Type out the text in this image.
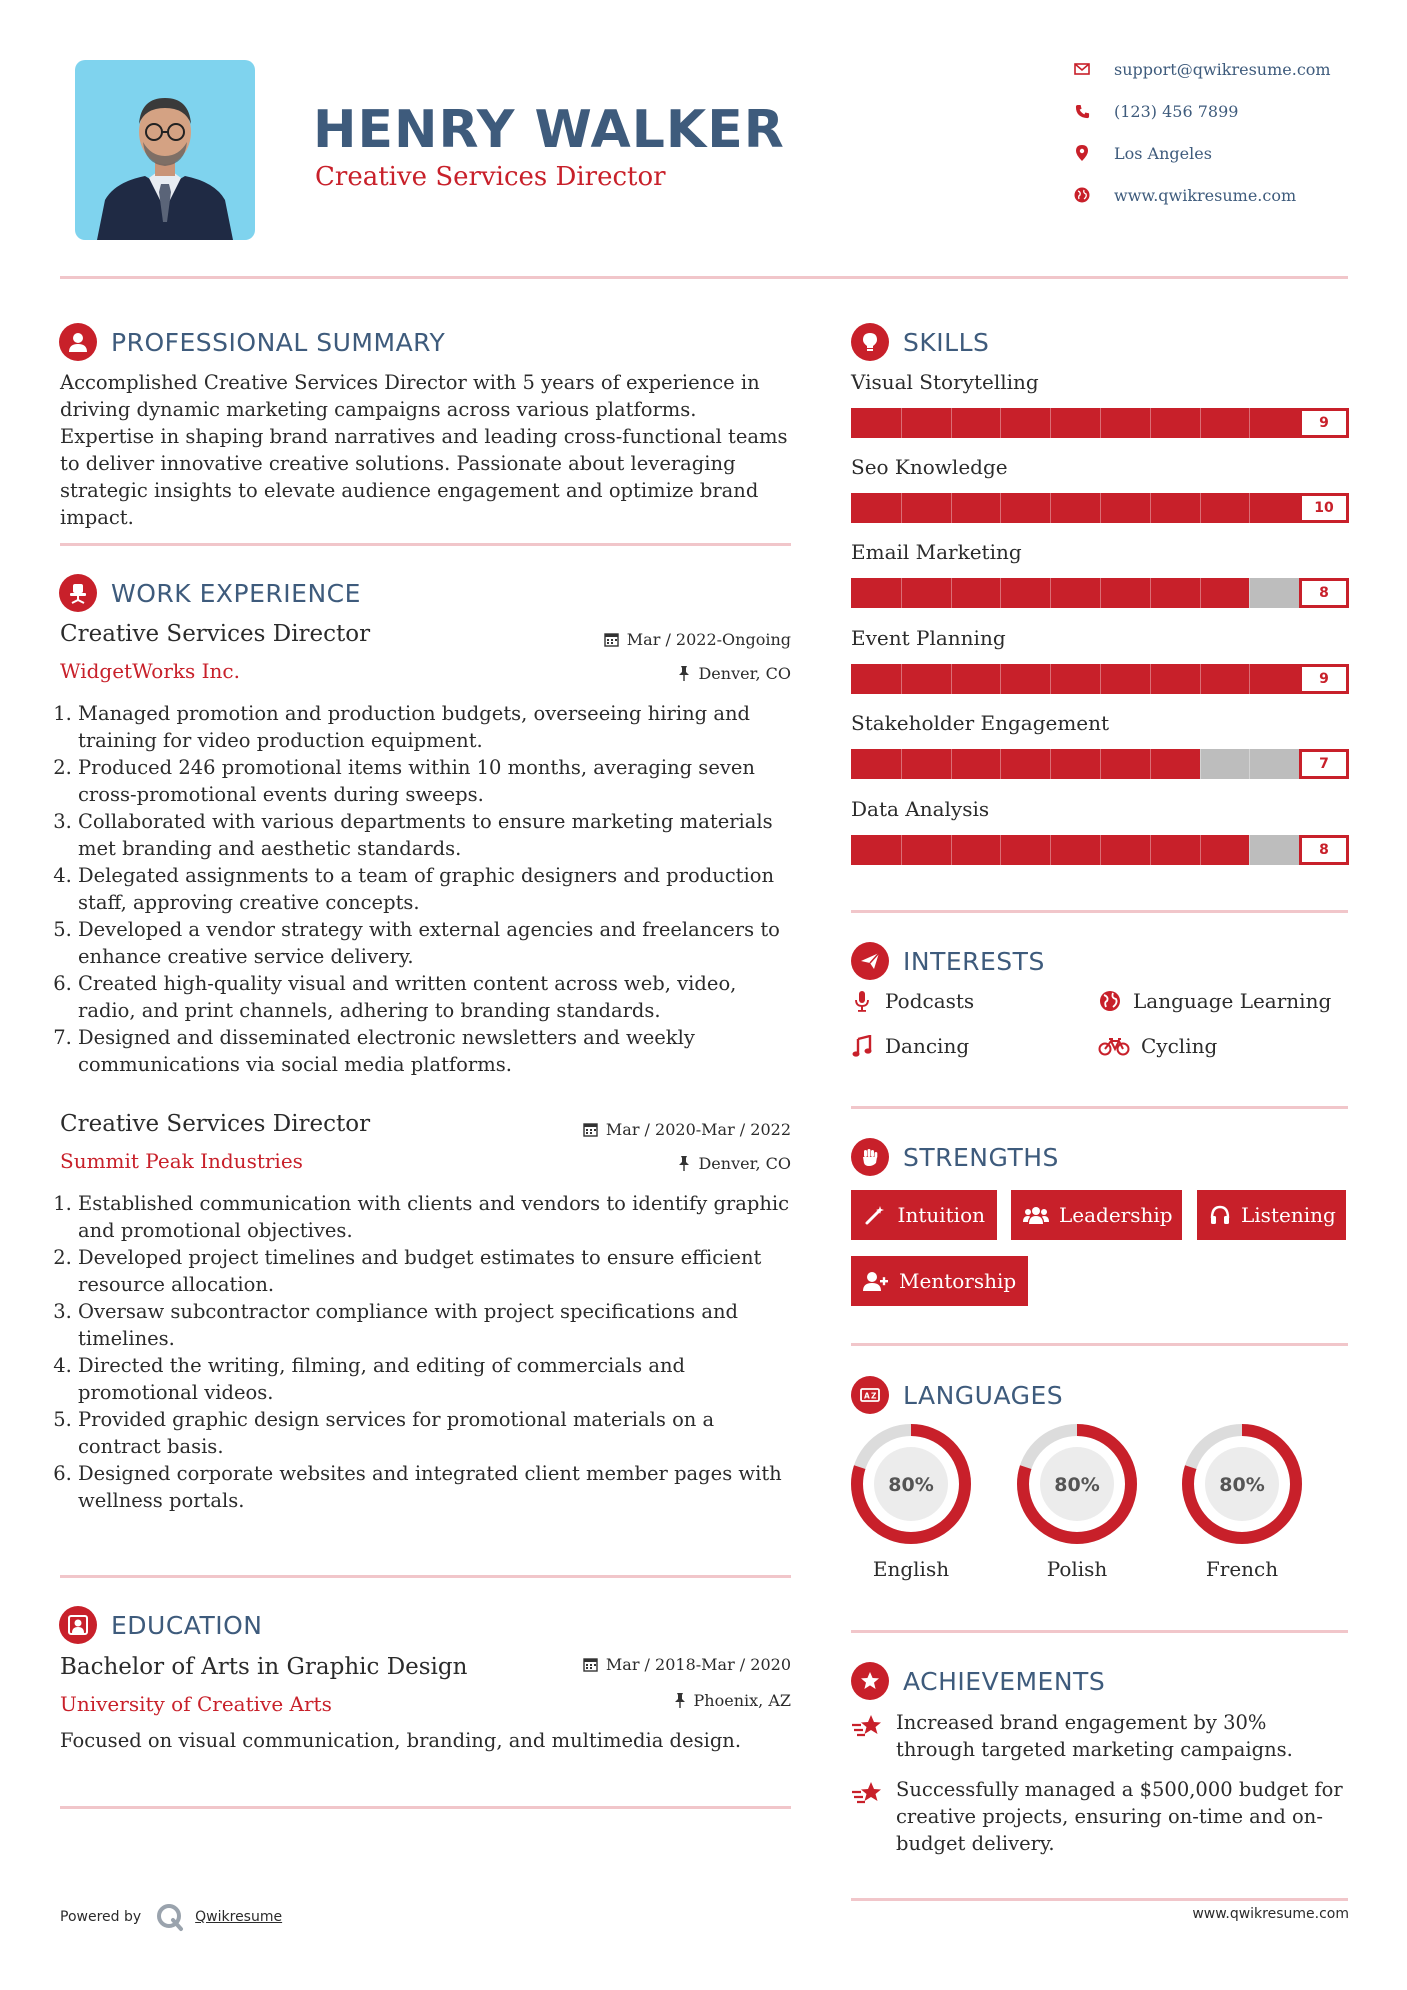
HENRY WALKER
Creative Services Director
support@qwikresume.com
(123) 456 7899
Los Angeles
www.qwikresume.com
PROFESSIONAL SUMMARY
Accomplished Creative Services Director with 5 years of experience in driving dynamic marketing campaigns across various platforms. Expertise in shaping brand narratives and leading cross-functional teams to deliver innovative creative solutions. Passionate about leveraging strategic insights to elevate audience engagement and optimize brand impact.
WORK EXPERIENCE
Creative Services Director
WidgetWorks Inc.
Mar / 2022-Ongoing
Denver, CO
1. Managed promotion and production budgets, overseeing hiring and training for video production equipment.
2. Produced 246 promotional items within 10 months, averaging seven cross-promotional events during sweeps.
3. Collaborated with various departments to ensure marketing materials met branding and aesthetic standards.
4. Delegated assignments to a team of graphic designers and production staff, approving creative concepts.
5. Developed a vendor strategy with external agencies and freelancers to enhance creative service delivery.
6. Created high-quality visual and written content across web, video, radio, and print channels, adhering to branding standards.
7. Designed and disseminated electronic newsletters and weekly communications via social media platforms.
Creative Services Director
Summit Peak Industries
Mar / 2020-Mar / 2022
Denver, CO
1. Established communication with clients and vendors to identify graphic and promotional objectives.
2. Developed project timelines and budget estimates to ensure efficient resource allocation.
3. Oversaw subcontractor compliance with project specifications and timelines.
4. Directed the writing, filming, and editing of commercials and promotional videos.
5. Provided graphic design services for promotional materials on a contract basis.
6. Designed corporate websites and integrated client member pages with wellness portals.
EDUCATION
Bachelor of Arts in Graphic Design
University of Creative Arts
Mar / 2018-Mar / 2020
Phoenix, AZ
Focused on visual communication, branding, and multimedia design.
SKILLS
Visual Storytelling
9
Seo Knowledge
10
Email Marketing
8
Event Planning
9
Stakeholder Engagement
7
Data Analysis
8
INTERESTS
Podcasts	Language Learning
Dancing	Cycling
STRENGTHS
Intuition	Leadership	Listening
Mentorship
A Z LANGUAGES
80%	80%	80%
English	Polish	French
ACHIEVEMENTS
Increased brand engagement by 30% through targeted marketing campaigns.
Successfully managed a $500,000 budget for creative projects, ensuring on-time and on-budget delivery.
Powered by	Qwikresume	www.qwikresume.com
